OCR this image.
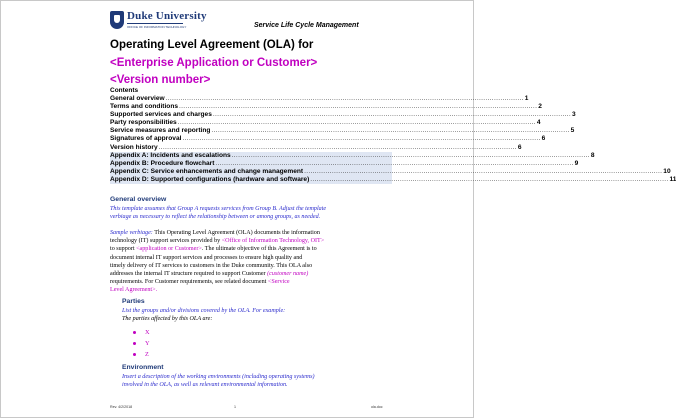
Duke University
OFFICE OF INFORMATION TECHNOLOGY	Service Life Cycle Management
Operating Level Agreement (OLA) for
<Enterprise Application or Customer>
<Version number>
Contents
General overview ........................................................................................................................................................................ 1
Terms and conditions ........................................................................................................................................................................ 2
Supported services and charges ........................................................................................................................................................................ 3
Party responsibilities ........................................................................................................................................................................ 4
Service measures and reporting ........................................................................................................................................................................ 5
Signatures of approval ........................................................................................................................................................................ 6
Version history ........................................................................................................................................................................ 6
Appendix A: Incidents and escalations ........................................................................................................................................................................ 8
Appendix B: Procedure flowchart ........................................................................................................................................................................ 9
Appendix C: Service enhancements and change management ........................................................................................................................................................................ 10
Appendix D: Supported configurations (hardware and software) ........................................................................................................................................................................ 11
General overview
This template assumes that Group A requests services from Group B. Adjust the template
verbiage as necessary to reflect the relationship between or among groups, as needed.
Sample verbiage: This Operating Level Agreement (OLA) documents the information
technology (IT) support services provided by <Office of Information Technology, OIT>
to support <application or Customer>. The ultimate objective of this Agreement is to
document internal IT support services and processes to ensure high quality and
timely delivery of IT services to customers in the Duke community. This OLA also
addresses the internal IT structure required to support Customer (customer name)
requirements. For Customer requirements, see related document <Service
Level Agreement>.
Parties
List the groups and/or divisions covered by the OLA. For example:
The parties affected by this OLA are:
X
Y
Z
Environment
Insert a description of the working environments (including operating systems)
involved in the OLA, as well as relevant environmental information.
Rev. 4/2/2018	1	ola.doc
